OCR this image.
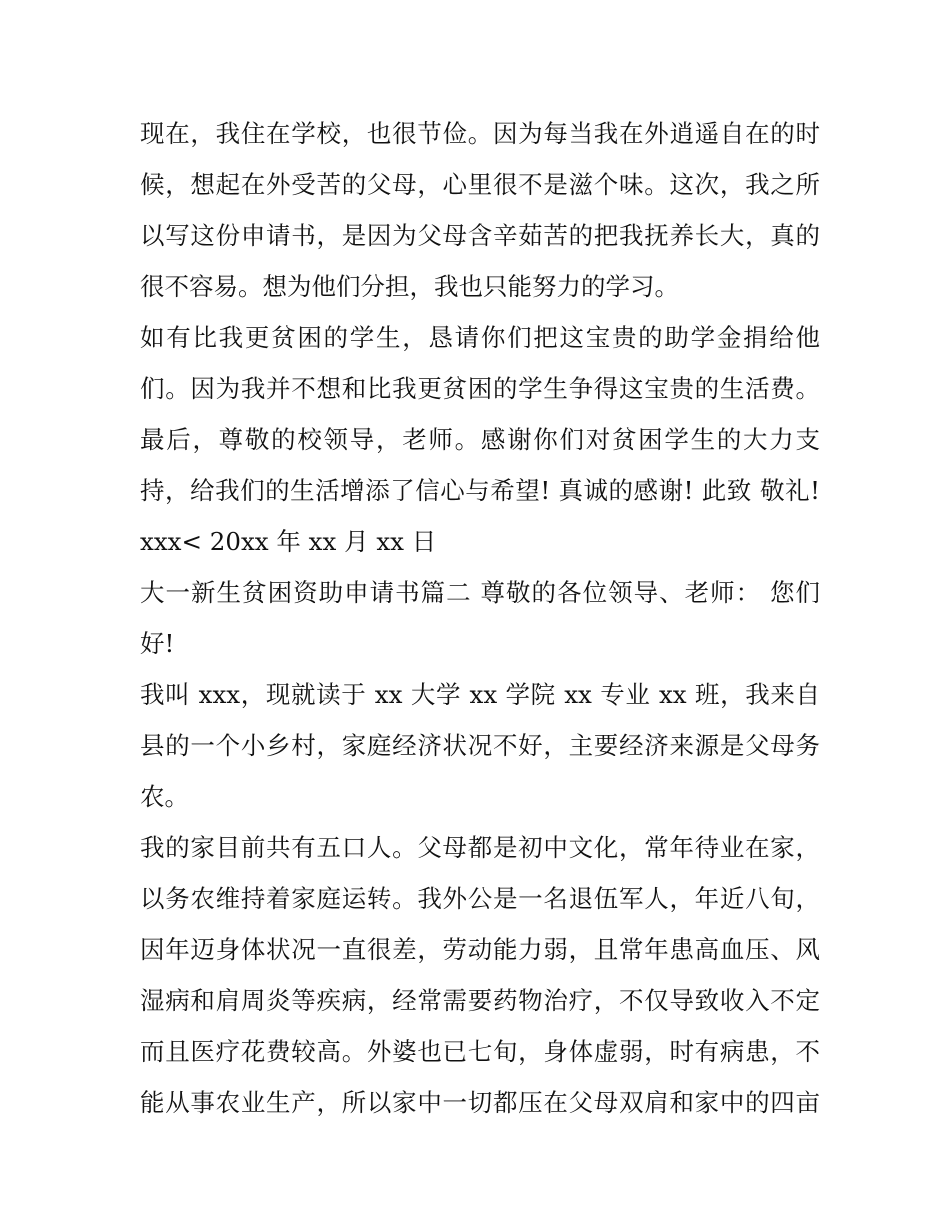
现在，我住在学校，也很节俭。因为每当我在外逍遥自在的时
候，想起在外受苦的父母，心里很不是滋个味。这次，我之所
以写这份申请书，是因为父母含辛茹苦的把我抚养长大，真的
很不容易。想为他们分担，我也只能努力的学习。
如有比我更贫困的学生，恳请你们把这宝贵的助学金捐给他
们。因为我并不想和比我更贫困的学生争得这宝贵的生活费。
最后，尊敬的校领导，老师。感谢你们对贫困学生的大力支
持，给我们的生活增添了信心与希望! 真诚的感谢! 此致 敬礼!
xxx< 20xx 年 xx 月 xx 日
大一新生贫困资助申请书篇二 尊敬的各位领导、老师： 您们
好!
我叫 xxx，现就读于 xx 大学 xx 学院 xx 专业 xx 班，我来自
县的一个小乡村，家庭经济状况不好，主要经济来源是父母务
农。
我的家目前共有五口人。父母都是初中文化，常年待业在家，
以务农维持着家庭运转。我外公是一名退伍军人，年近八旬，
因年迈身体状况一直很差，劳动能力弱，且常年患高血压、风
湿病和肩周炎等疾病，经常需要药物治疗，不仅导致收入不定
而且医疗花费较高。外婆也已七旬，身体虚弱，时有病患，不
能从事农业生产，所以家中一切都压在父母双肩和家中的四亩
